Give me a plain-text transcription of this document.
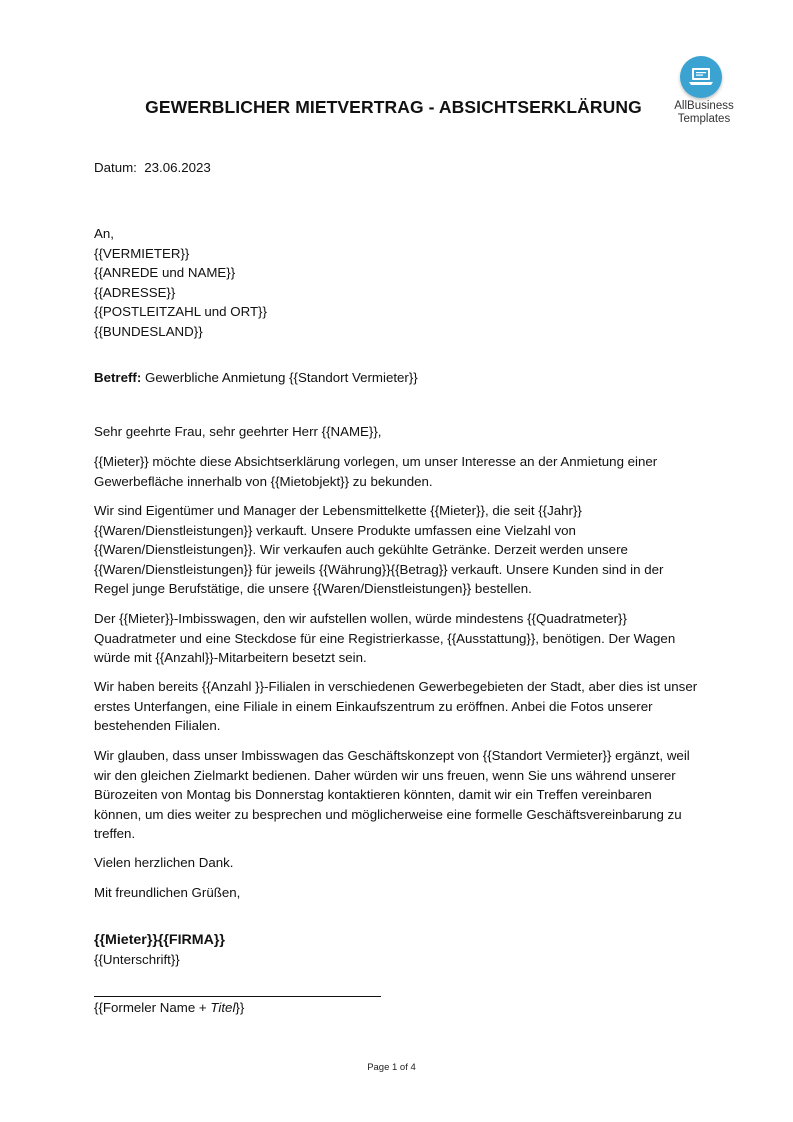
GEWERBLICHER MIETVERTRAG - ABSICHTSERKLÄRUNG	AllBusiness
Templates
Datum:  23.06.2023
An,
{{VERMIETER}}
{{ANREDE und NAME}}
{{ADRESSE}}
{{POSTLEITZAHL und ORT}}
{{BUNDESLAND}}
Betreff: Gewerbliche Anmietung {{Standort Vermieter}}
Sehr geehrte Frau, sehr geehrter Herr {{NAME}},
{{Mieter}} möchte diese Absichtserklärung vorlegen, um unser Interesse an der Anmietung einer
Gewerbefläche innerhalb von {{Mietobjekt}} zu bekunden.
Wir sind Eigentümer und Manager der Lebensmittelkette {{Mieter}}, die seit {{Jahr}}
{{Waren/Dienstleistungen}} verkauft. Unsere Produkte umfassen eine Vielzahl von
{{Waren/Dienstleistungen}}. Wir verkaufen auch gekühlte Getränke. Derzeit werden unsere
{{Waren/Dienstleistungen}} für jeweils {{Währung}}{{Betrag}} verkauft. Unsere Kunden sind in der
Regel junge Berufstätige, die unsere {{Waren/Dienstleistungen}} bestellen.
Der {{Mieter}}-Imbisswagen, den wir aufstellen wollen, würde mindestens {{Quadratmeter}}
Quadratmeter und eine Steckdose für eine Registrierkasse, {{Ausstattung}}, benötigen. Der Wagen
würde mit {{Anzahl}}-Mitarbeitern besetzt sein.
Wir haben bereits {{Anzahl }}-Filialen in verschiedenen Gewerbegebieten der Stadt, aber dies ist unser
erstes Unterfangen, eine Filiale in einem Einkaufszentrum zu eröffnen. Anbei die Fotos unserer
bestehenden Filialen.
Wir glauben, dass unser Imbisswagen das Geschäftskonzept von {{Standort Vermieter}} ergänzt, weil
wir den gleichen Zielmarkt bedienen. Daher würden wir uns freuen, wenn Sie uns während unserer
Bürozeiten von Montag bis Donnerstag kontaktieren könnten, damit wir ein Treffen vereinbaren
können, um dies weiter zu besprechen und möglicherweise eine formelle Geschäftsvereinbarung zu
treffen.
Vielen herzlichen Dank.
Mit freundlichen Grüßen,
{{Mieter}}{{FIRMA}}
{{Unterschrift}}
{{Formeler Name + Titel}}
Page 1 of 4
